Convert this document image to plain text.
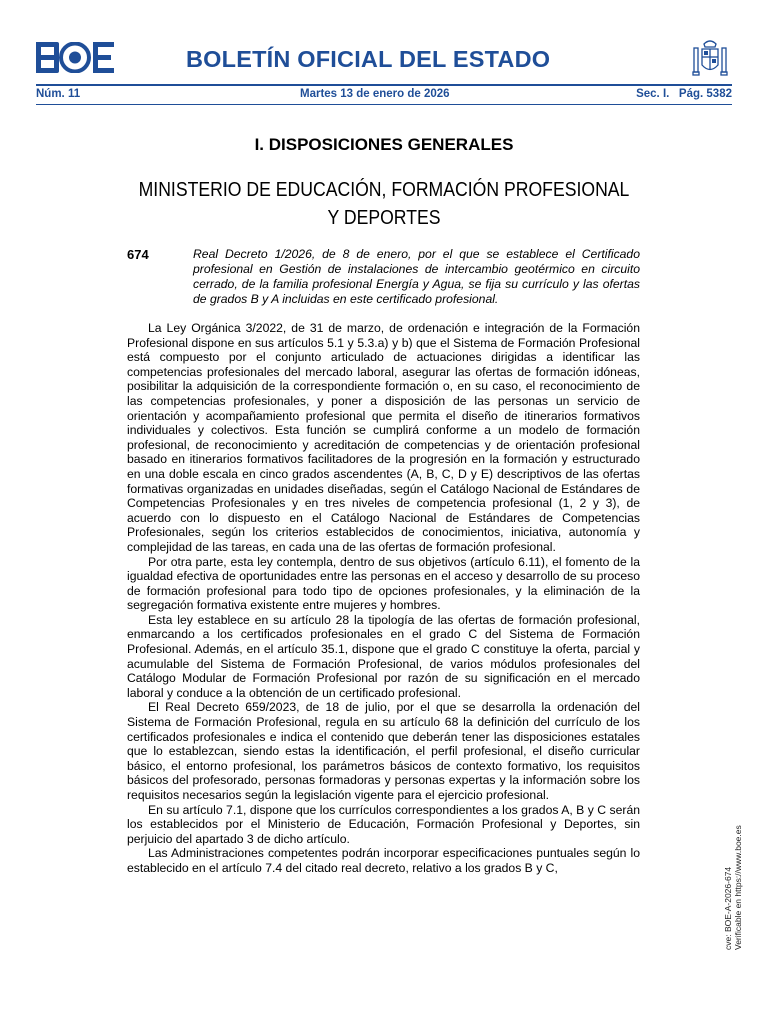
BOLETÍN OFICIAL DEL ESTADO
Núm. 11	Martes 13 de enero de 2026	Sec. I.   Pág. 5382
I. DISPOSICIONES GENERALES
MINISTERIO DE EDUCACIÓN, FORMACIÓN PROFESIONAL
Y DEPORTES
674	Real Decreto 1/2026, de 8 de enero, por el que se establece el Certificado profesional en Gestión de instalaciones de intercambio geotérmico en circuito cerrado, de la familia profesional Energía y Agua, se fija su currículo y las ofertas de grados B y A incluidas en este certificado profesional.

La Ley Orgánica 3/2022, de 31 de marzo, de ordenación e integración de la Formación Profesional dispone en sus artículos 5.1 y 5.3.a) y b) que el Sistema de Formación Profesional está compuesto por el conjunto articulado de actuaciones dirigidas a identificar las competencias profesionales del mercado laboral, asegurar las ofertas de formación idóneas, posibilitar la adquisición de la correspondiente formación o, en su caso, el reconocimiento de las competencias profesionales, y poner a disposición de las personas un servicio de orientación y acompañamiento profesional que permita el diseño de itinerarios formativos individuales y colectivos. Esta función se cumplirá conforme a un modelo de formación profesional, de reconocimiento y acreditación de competencias y de orientación profesional basado en itinerarios formativos facilitadores de la progresión en la formación y estructurado en una doble escala en cinco grados ascendentes (A, B, C, D y E) descriptivos de las ofertas formativas organizadas en unidades diseñadas, según el Catálogo Nacional de Estándares de Competencias Profesionales y en tres niveles de competencia profesional (1, 2 y 3), de acuerdo con lo dispuesto en el Catálogo Nacional de Estándares de Competencias Profesionales, según los criterios establecidos de conocimientos, iniciativa, autonomía y complejidad de las tareas, en cada una de las ofertas de formación profesional.

Por otra parte, esta ley contempla, dentro de sus objetivos (artículo 6.11), el fomento de la igualdad efectiva de oportunidades entre las personas en el acceso y desarrollo de su proceso de formación profesional para todo tipo de opciones profesionales, y la eliminación de la segregación formativa existente entre mujeres y hombres.

Esta ley establece en su artículo 28 la tipología de las ofertas de formación profesional, enmarcando a los certificados profesionales en el grado C del Sistema de Formación Profesional. Además, en el artículo 35.1, dispone que el grado C constituye la oferta, parcial y acumulable del Sistema de Formación Profesional, de varios módulos profesionales del Catálogo Modular de Formación Profesional por razón de su significación en el mercado laboral y conduce a la obtención de un certificado profesional.

El Real Decreto 659/2023, de 18 de julio, por el que se desarrolla la ordenación del Sistema de Formación Profesional, regula en su artículo 68 la definición del currículo de los certificados profesionales e indica el contenido que deberán tener las disposiciones estatales que lo establezcan, siendo estas la identificación, el perfil profesional, el diseño curricular básico, el entorno profesional, los parámetros básicos de contexto formativo, los requisitos básicos del profesorado, personas formadoras y personas expertas y la información sobre los requisitos necesarios según la legislación vigente para el ejercicio profesional.

En su artículo 7.1, dispone que los currículos correspondientes a los grados A, B y C serán los establecidos por el Ministerio de Educación, Formación Profesional y Deportes, sin perjuicio del apartado 3 de dicho artículo.

Las Administraciones competentes podrán incorporar especificaciones puntuales según lo establecido en el artículo 7.4 del citado real decreto, relativo a los grados B y C,	cve: BOE-A-2026-674 Verificable en https://www.boe.es
